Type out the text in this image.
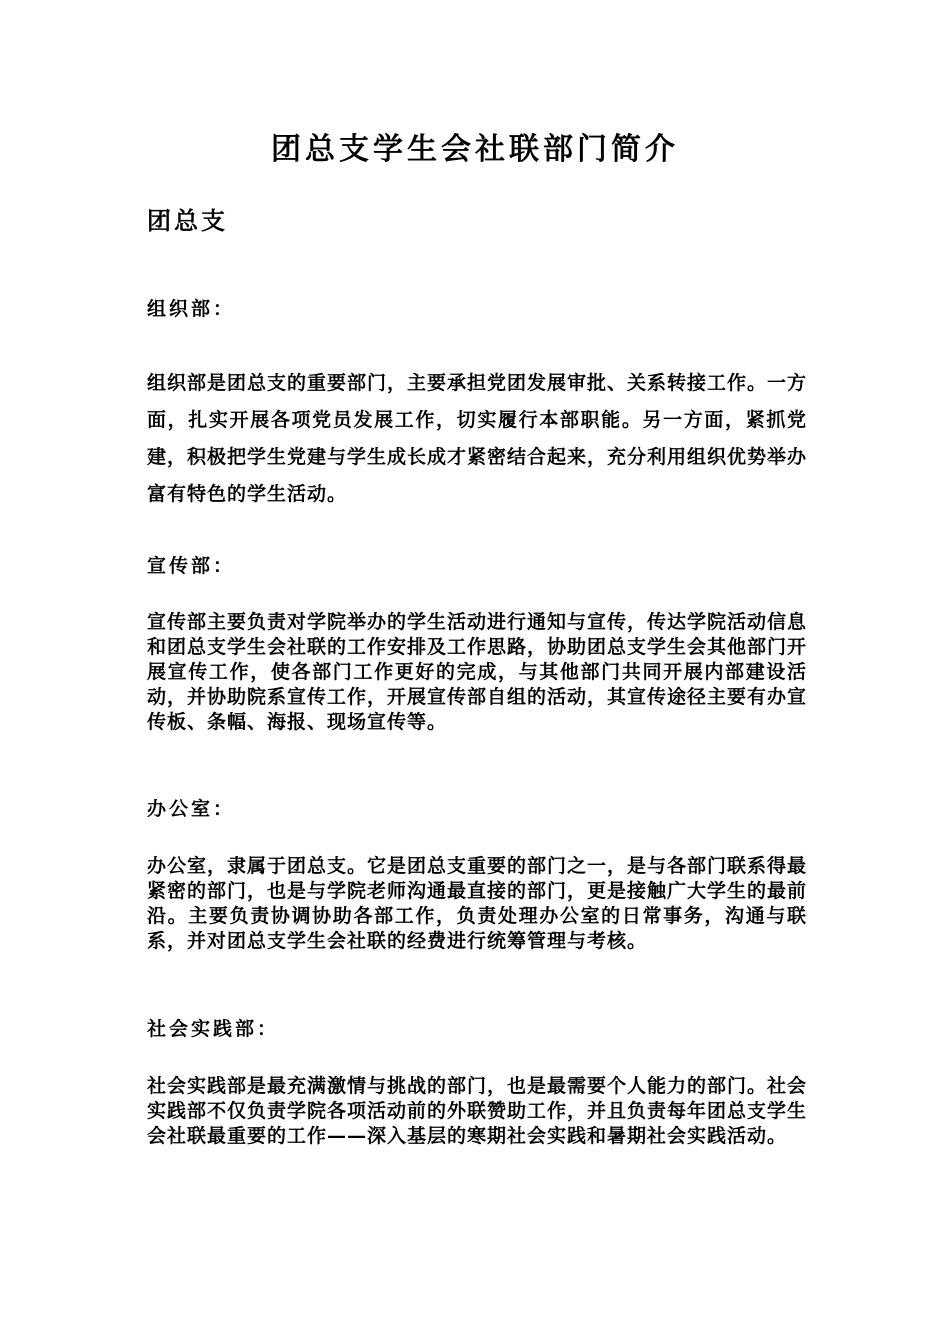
团总支学生会社联部门简介
团总支
组织部：
组织部是团总支的重要部门，主要承担党团发展审批、关系转接工作。一方面，扎实开展各项党员发展工作，切实履行本部职能。另一方面，紧抓党建，积极把学生党建与学生成长成才紧密结合起来，充分利用组织优势举办富有特色的学生活动。
宣传部：
宣传部主要负责对学院举办的学生活动进行通知与宣传，传达学院活动信息和团总支学生会社联的工作安排及工作思路，协助团总支学生会其他部门开展宣传工作，使各部门工作更好的完成，与其他部门共同开展内部建设活动，并协助院系宣传工作，开展宣传部自组的活动，其宣传途径主要有办宣传板、条幅、海报、现场宣传等。
办公室：
办公室，隶属于团总支。它是团总支重要的部门之一，是与各部门联系得最紧密的部门，也是与学院老师沟通最直接的部门，更是接触广大学生的最前沿。主要负责协调协助各部工作，负责处理办公室的日常事务，沟通与联系，并对团总支学生会社联的经费进行统筹管理与考核。
社会实践部：
社会实践部是最充满激情与挑战的部门，也是最需要个人能力的部门。社会实践部不仅负责学院各项活动前的外联赞助工作，并且负责每年团总支学生会社联最重要的工作——深入基层的寒期社会实践和暑期社会实践活动。
